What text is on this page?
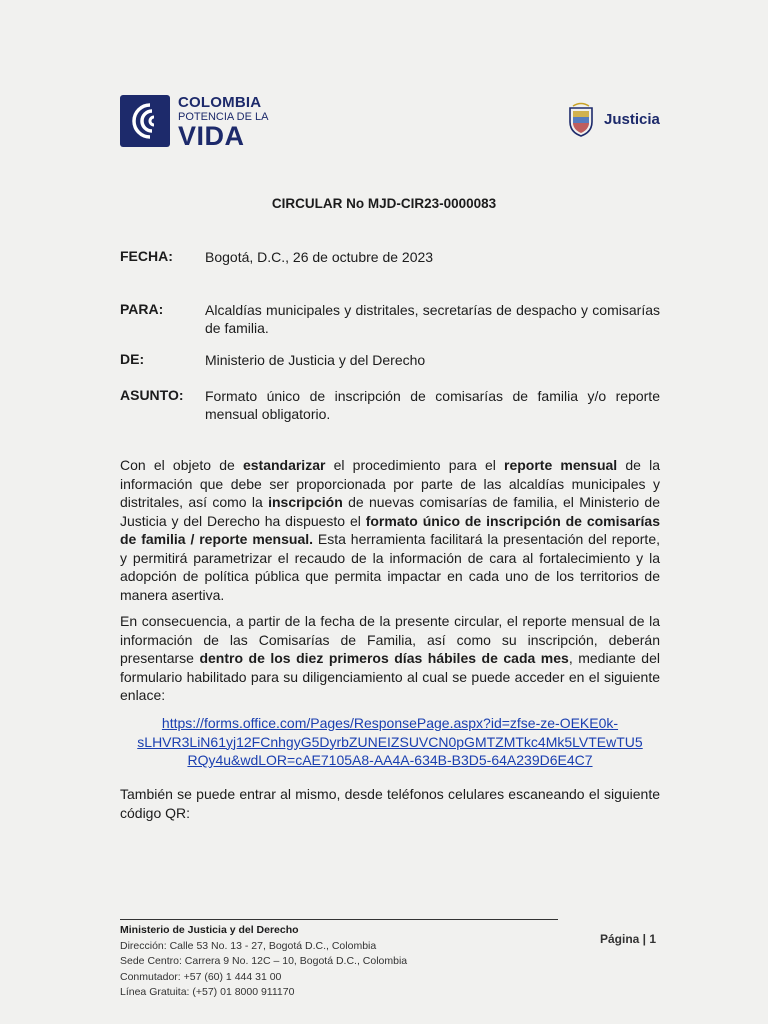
COLOMBIA
POTENCIA DE LA
VIDA
Justicia
CIRCULAR No MJD-CIR23-0000083
FECHA: Bogotá, D.C., 26 de octubre de 2023
PARA:	Alcaldías municipales y distritales, secretarías de despacho y comisarías de familia.
DE:	Ministerio de Justicia y del Derecho
ASUNTO: Formato único de inscripción de comisarías de familia y/o reporte mensual obligatorio.
Con el objeto de estandarizar el procedimiento para el reporte mensual de la información que debe ser proporcionada por parte de las alcaldías municipales y distritales, así como la inscripción de nuevas comisarías de familia, el Ministerio de Justicia y del Derecho ha dispuesto el formato único de inscripción de comisarías de familia / reporte mensual. Esta herramienta facilitará la presentación del reporte, y permitirá parametrizar el recaudo de la información de cara al fortalecimiento y la adopción de política pública que permita impactar en cada uno de los territorios de manera asertiva.
En consecuencia, a partir de la fecha de la presente circular, el reporte mensual de la información de las Comisarías de Familia, así como su inscripción, deberán presentarse dentro de los diez primeros días hábiles de cada mes, mediante del formulario habilitado para su diligenciamiento al cual se puede acceder en el siguiente enlace:
https://forms.office.com/Pages/ResponsePage.aspx?id=zfse-ze-OEKE0k-
sLHVR3LiN61yj12FCnhgyG5DyrbZUNEIZSUVCN0pGMTZMTkc4Mk5LVTEwTU5
RQy4u&wdLOR=cAE7105A8-AA4A-634B-B3D5-64A239D6E4C7
También se puede entrar al mismo, desde teléfonos celulares escaneando el siguiente código QR:
Ministerio de Justicia y del Derecho
Dirección: Calle 53 No. 13 - 27, Bogotá D.C., Colombia
Sede Centro: Carrera 9 No. 12C – 10, Bogotá D.C., Colombia
Conmutador: +57 (60) 1 444 31 00
Línea Gratuita: (+57) 01 8000 911170
Página | 1
